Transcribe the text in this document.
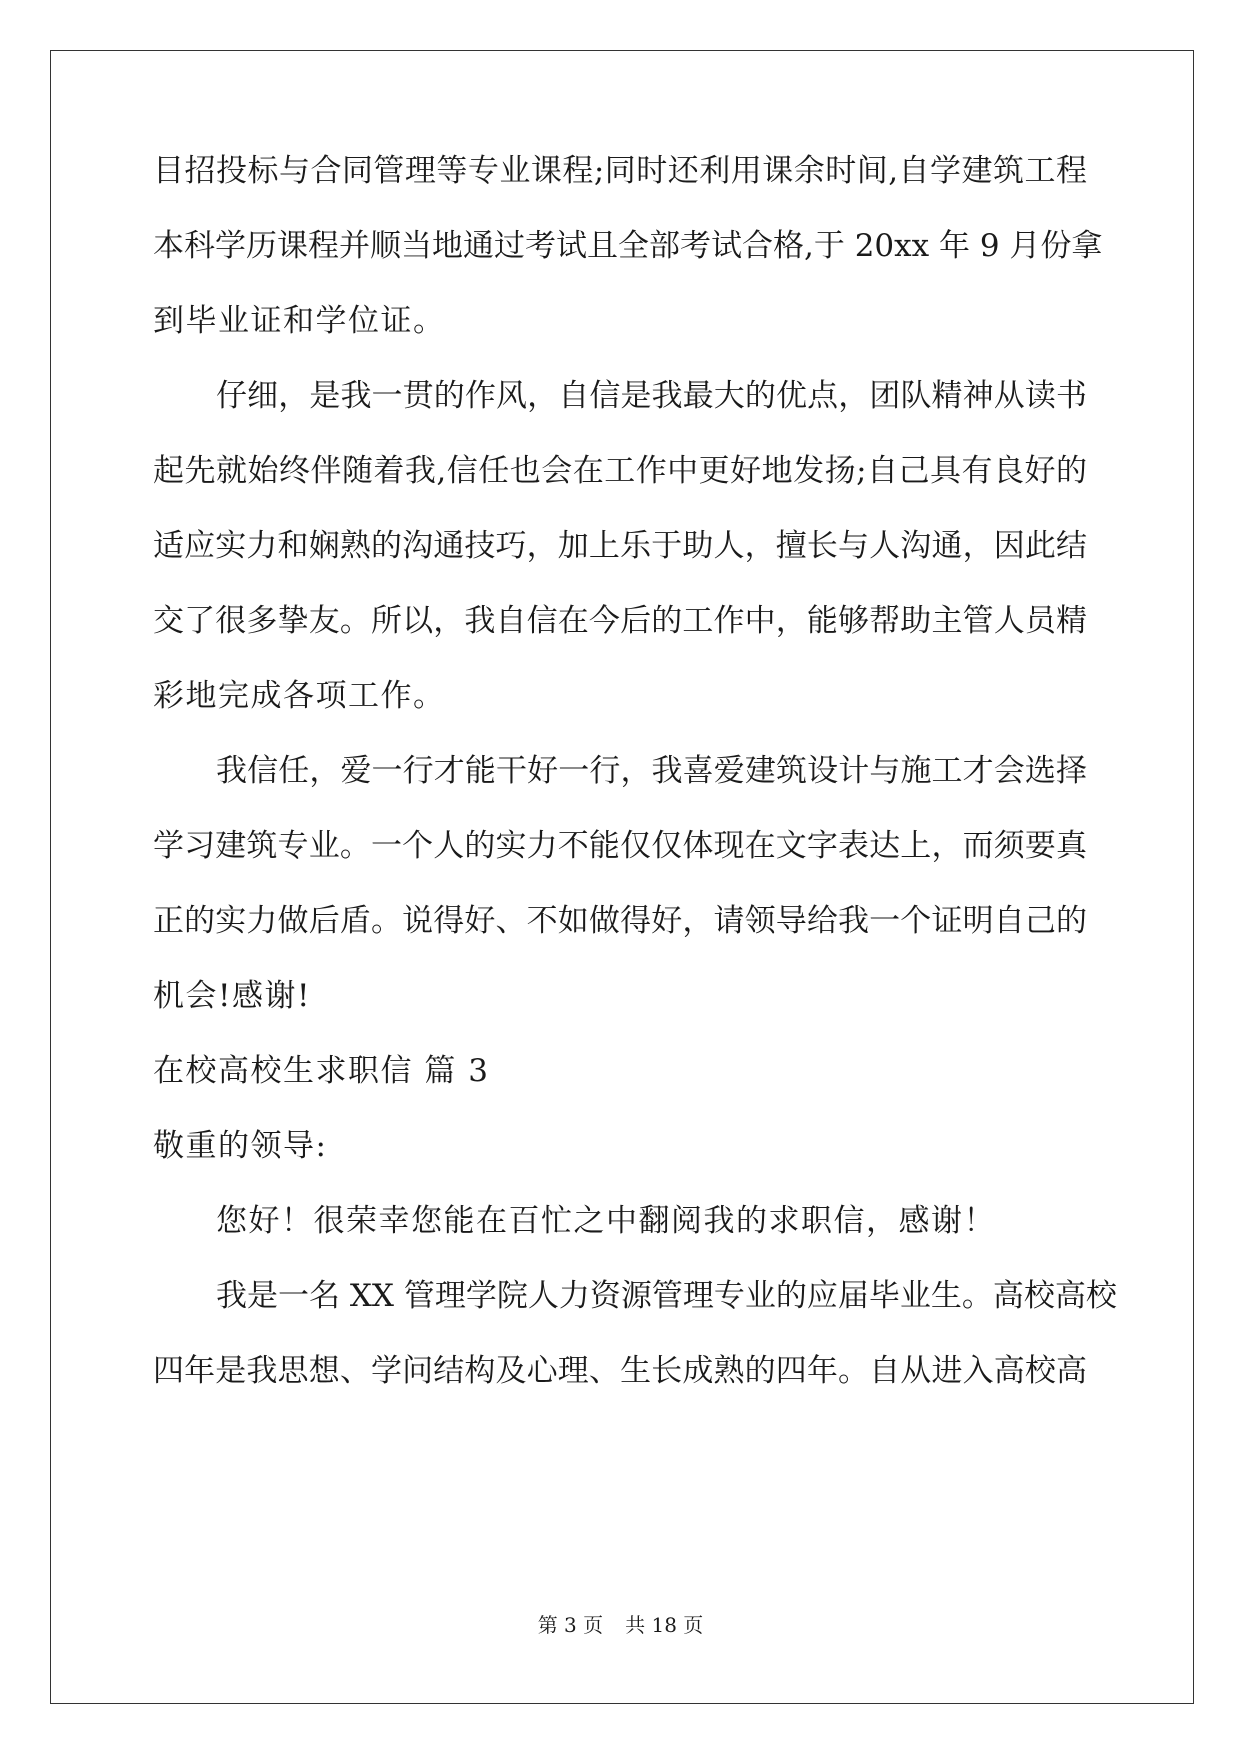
目招投标与合同管理等专业课程;同时还利用课余时间,自学建筑工程
本科学历课程并顺当地通过考试且全部考试合格,于 20xx 年 9 月份拿
到毕业证和学位证。
仔细，是我一贯的作风，自信是我最大的优点，团队精神从读书
起先就始终伴随着我,信任也会在工作中更好地发扬;自己具有良好的
适应实力和娴熟的沟通技巧，加上乐于助人，擅长与人沟通，因此结
交了很多挚友。所以，我自信在今后的工作中，能够帮助主管人员精
彩地完成各项工作。
我信任，爱一行才能干好一行，我喜爱建筑设计与施工才会选择
学习建筑专业。一个人的实力不能仅仅体现在文字表达上，而须要真
正的实力做后盾。说得好、不如做得好，请领导给我一个证明自己的
机会!感谢!
在校高校生求职信 篇 3
敬重的领导:
您好！很荣幸您能在百忙之中翻阅我的求职信，感谢！
我是一名 XX 管理学院人力资源管理专业的应届毕业生。高校高校
四年是我思想、学问结构及心理、生长成熟的四年。自从进入高校高
第 3 页 共 18 页
